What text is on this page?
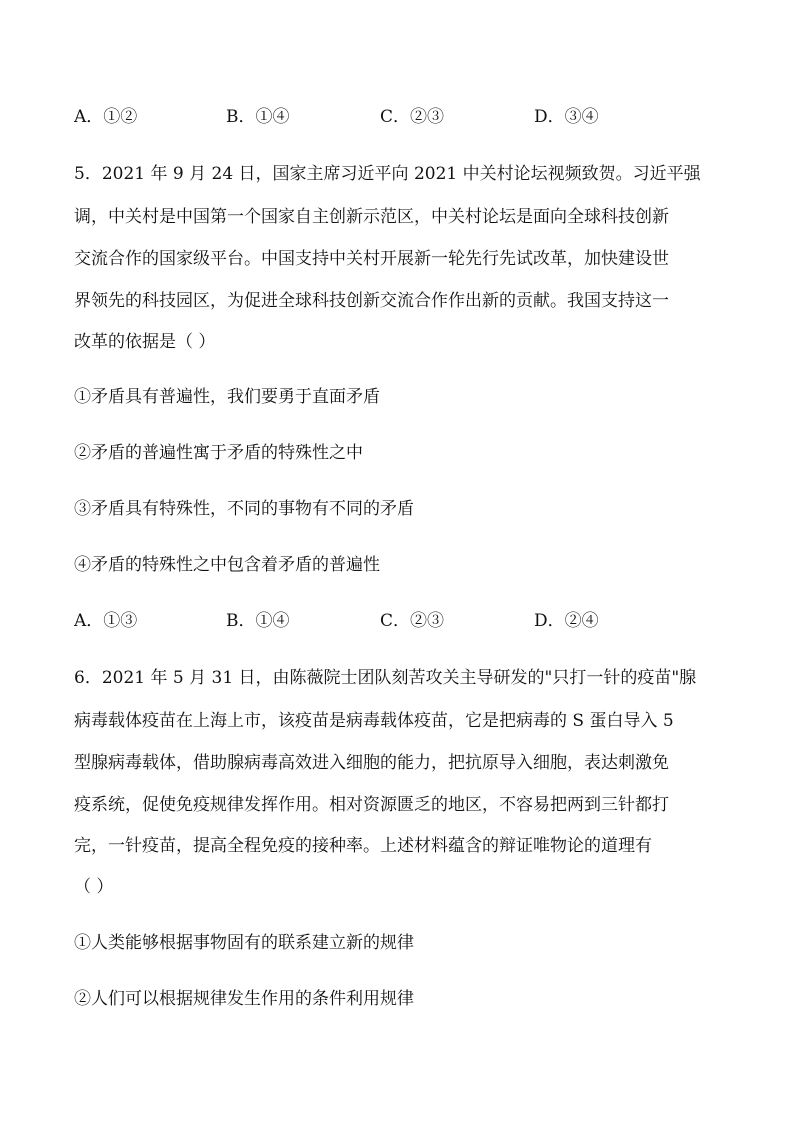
A．①②	B．①④	C．②③	D．③④
5．2021 年 9 月 24 日，国家主席习近平向 2021 中关村论坛视频致贺。习近平强
调，中关村是中国第一个国家自主创新示范区，中关村论坛是面向全球科技创新
交流合作的国家级平台。中国支持中关村开展新一轮先行先试改革，加快建设世
界领先的科技园区，为促进全球科技创新交流合作作出新的贡献。我国支持这一
改革的依据是（ ）
①矛盾具有普遍性，我们要勇于直面矛盾
②矛盾的普遍性寓于矛盾的特殊性之中
③矛盾具有特殊性，不同的事物有不同的矛盾
④矛盾的特殊性之中包含着矛盾的普遍性
A．①③	B．①④	C．②③	D．②④
6．2021 年 5 月 31 日，由陈薇院士团队刻苦攻关主导研发的"只打一针的疫苗"腺
病毒载体疫苗在上海上市，该疫苗是病毒载体疫苗，它是把病毒的 S 蛋白导入 5
型腺病毒载体，借助腺病毒高效进入细胞的能力，把抗原导入细胞，表达刺激免
疫系统，促使免疫规律发挥作用。相对资源匮乏的地区，不容易把两到三针都打
完，一针疫苗，提高全程免疫的接种率。上述材料蕴含的辩证唯物论的道理有
（ ）
①人类能够根据事物固有的联系建立新的规律
②人们可以根据规律发生作用的条件利用规律
